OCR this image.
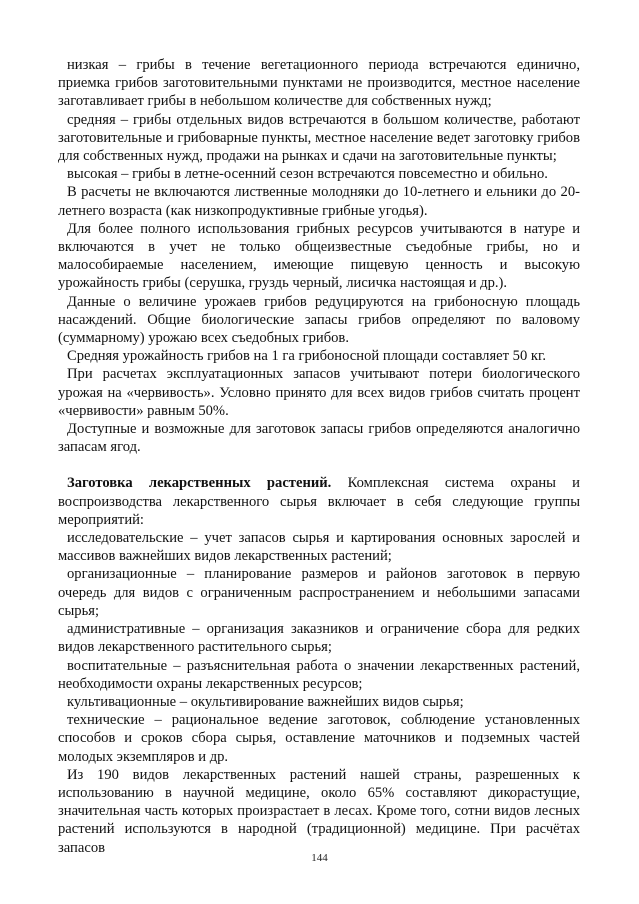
низкая – грибы в течение вегетационного периода встречаются единично, приемка грибов заготовительными пунктами не производится, местное население заготавливает грибы в небольшом количестве для собственных нужд;

средняя – грибы отдельных видов встречаются в большом количестве, работают заготовительные и грибоварные пункты, местное население ведет заготовку грибов для собственных нужд, продажи на рынках и сдачи на заготовительные пункты;

высокая – грибы в летне-осенний сезон встречаются повсеместно и обильно.

В расчеты не включаются лиственные молодняки до 10-летнего и ельники до 20-летнего возраста (как низкопродуктивные грибные угодья).

Для более полного использования грибных ресурсов учитываются в натуре и включаются в учет не только общеизвестные съедобные грибы, но и малособираемые населением, имеющие пищевую ценность и высокую урожайность грибы (серушка, груздь черный, лисичка настоящая и др.).

Данные о величине урожаев грибов редуцируются на грибоносную площадь насаждений. Общие биологические запасы грибов определяют по валовому (суммарному) урожаю всех съедобных грибов.

Средняя урожайность грибов на 1 га грибоносной площади составляет 50 кг.

При расчетах эксплуатационных запасов учитывают потери биологического урожая на «червивость». Условно принято для всех видов грибов считать процент «червивости» равным 50%.

Доступные и возможные для заготовок запасы грибов определяются аналогично запасам ягод.

Заготовка лекарственных растений. Комплексная система охраны и воспроизводства лекарственного сырья включает в себя следующие группы мероприятий:

исследовательские – учет запасов сырья и картирования основных зарослей и массивов важнейших видов лекарственных растений;

организационные – планирование размеров и районов заготовок в первую очередь для видов с ограниченным распространением и небольшими запасами сырья;

административные – организация заказников и ограничение сбора для редких видов лекарственного растительного сырья;

воспитательные – разъяснительная работа о значении лекарственных растений, необходимости охраны лекарственных ресурсов;

культивационные – окультивирование важнейших видов сырья;

технические – рациональное ведение заготовок, соблюдение установленных способов и сроков сбора сырья, оставление маточников и подземных частей молодых экземпляров и др.

Из 190 видов лекарственных растений нашей страны, разрешенных к использованию в научной медицине, около 65% составляют дикорастущие, значительная часть которых произрастает в лесах. Кроме того, сотни видов лесных растений используются в народной (традиционной) медицине. При расчётах запасов

144
